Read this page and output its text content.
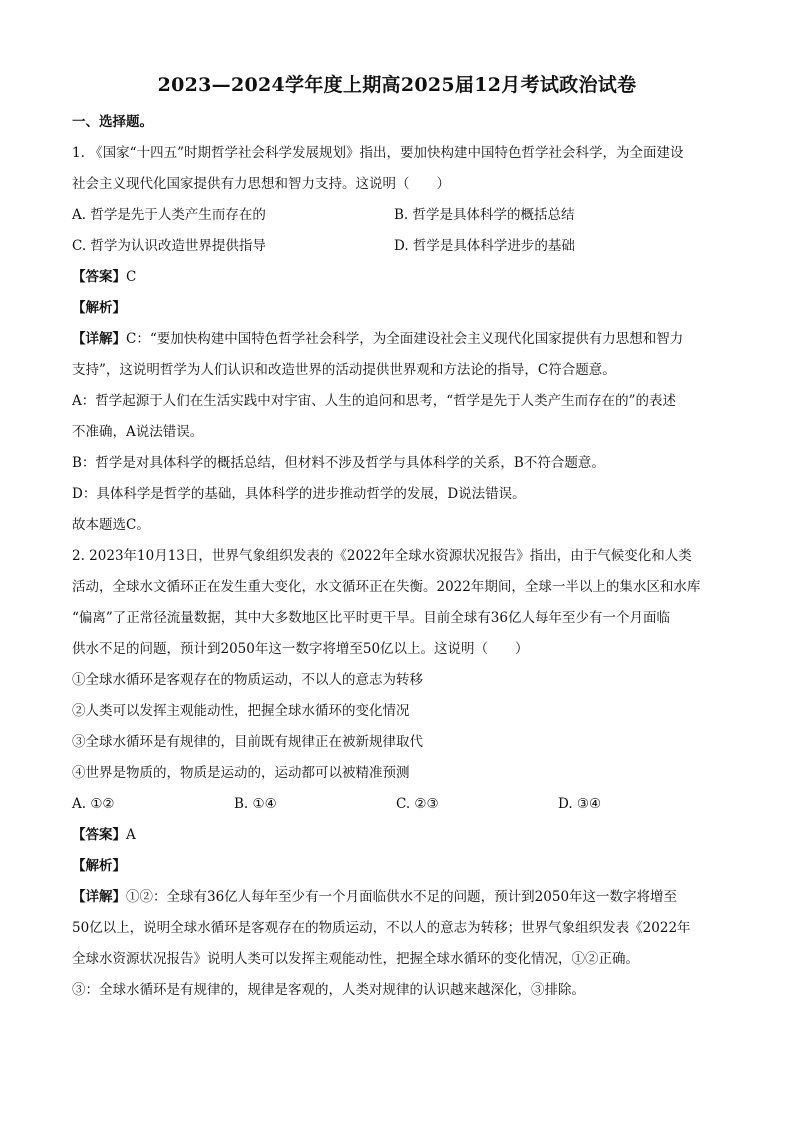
2023—2024学年度上期高2025届12月考试政治试卷
一、选择题。
1. 《国家“十四五”时期哲学社会科学发展规划》指出，要加快构建中国特色哲学社会科学，为全面建设
社会主义现代化国家提供有力思想和智力支持。这说明（　　）
A. 哲学是先于人类产生而存在的	B. 哲学是具体科学的概括总结
C. 哲学为认识改造世界提供指导	D. 哲学是具体科学进步的基础
【答案】C
【解析】
【详解】C：“要加快构建中国特色哲学社会科学，为全面建设社会主义现代化国家提供有力思想和智力
支持”，这说明哲学为人们认识和改造世界的活动提供世界观和方法论的指导，C符合题意。
A：哲学起源于人们在生活实践中对宇宙、人生的追问和思考，“哲学是先于人类产生而存在的”的表述
不准确，A说法错误。
B：哲学是对具体科学的概括总结，但材料不涉及哲学与具体科学的关系，B不符合题意。
D：具体科学是哲学的基础，具体科学的进步推动哲学的发展，D说法错误。
故本题选C。
2. 2023年10月13日，世界气象组织发表的《2022年全球水资源状况报告》指出，由于气候变化和人类
活动，全球水文循环正在发生重大变化，水文循环正在失衡。2022年期间，全球一半以上的集水区和水库
“偏离”了正常径流量数据，其中大多数地区比平时更干旱。目前全球有36亿人每年至少有一个月面临
供水不足的问题，预计到2050年这一数字将增至50亿以上。这说明（　　）
①全球水循环是客观存在的物质运动，不以人的意志为转移
②人类可以发挥主观能动性，把握全球水循环的变化情况
③全球水循环是有规律的，目前既有规律正在被新规律取代
④世界是物质的，物质是运动的，运动都可以被精准预测
A. ①②	B. ①④	C. ②③	D. ③④
【答案】A
【解析】
【详解】①②：全球有36亿人每年至少有一个月面临供水不足的问题，预计到2050年这一数字将增至
50亿以上，说明全球水循环是客观存在的物质运动，不以人的意志为转移；世界气象组织发表《2022年
全球水资源状况报告》说明人类可以发挥主观能动性，把握全球水循环的变化情况，①②正确。
③：全球水循环是有规律的，规律是客观的，人类对规律的认识越来越深化，③排除。
